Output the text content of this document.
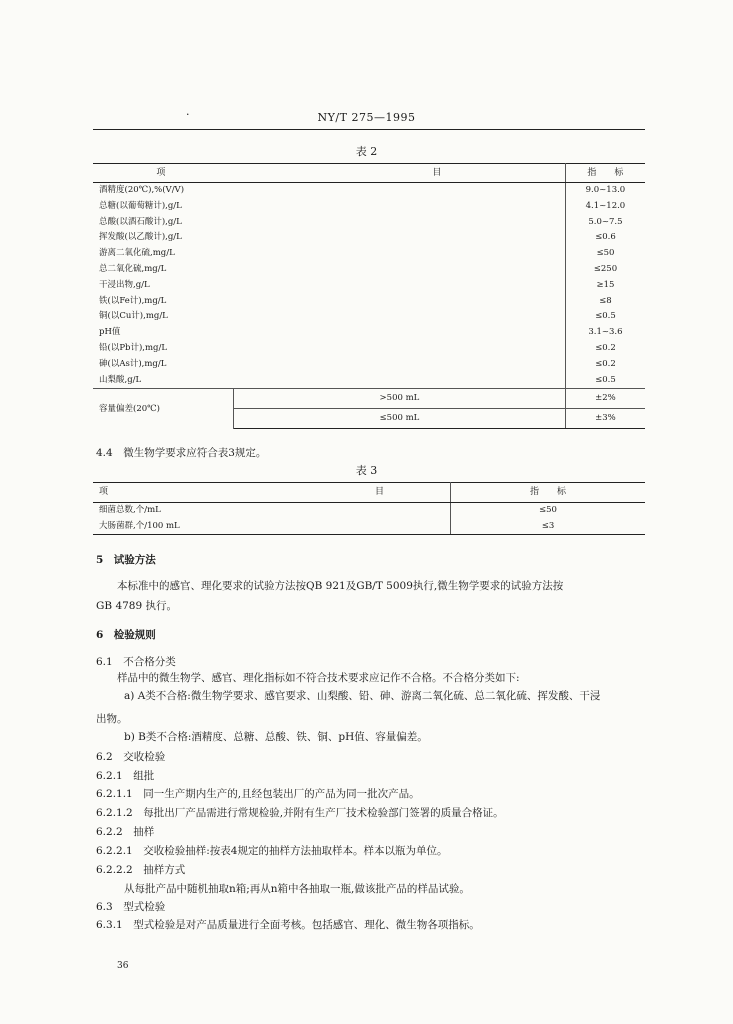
·	NY/T 275—1995
表 2
项　　　目		指　　标
酒精度(20℃),%(V/V)		9.0~13.0
总糖(以葡萄糖计),g/L		4.1~12.0
总酸(以酒石酸计),g/L		5.0~7.5
挥发酸(以乙酸计),g/L		≤0.6
游离二氧化硫,mg/L		≤50
总二氧化硫,mg/L		≤250
干浸出物,g/L		≥15
铁(以Fe计),mg/L		≤8
铜(以Cu计),mg/L		≤0.5
pH值		3.1~3.6
铅(以Pb计),mg/L		≤0.2
砷(以As计),mg/L		≤0.2
山梨酸,g/L		≤0.5
容量偏差(20℃)	>500 mL	±2%
	≤500 mL	±3%
4.4　微生物学要求应符合表3规定。
表 3
项　　　目	指　　标
细菌总数,个/mL	≤50
大肠菌群,个/100 mL	≤3
5　试验方法
本标准中的感官、理化要求的试验方法按QB 921及GB/T 5009执行,微生物学要求的试验方法按
GB 4789 执行。
6　检验规则
6.1　不合格分类
样品中的微生物学、感官、理化指标如不符合技术要求应记作不合格。不合格分类如下:
a) A类不合格:微生物学要求、感官要求、山梨酸、铅、砷、游离二氧化硫、总二氧化硫、挥发酸、干浸
出物。
b) B类不合格:酒精度、总糖、总酸、铁、铜、pH值、容量偏差。
6.2　交收检验
6.2.1　组批
6.2.1.1　同一生产期内生产的,且经包装出厂的产品为同一批次产品。
6.2.1.2　每批出厂产品需进行常规检验,并附有生产厂技术检验部门签署的质量合格证。
6.2.2　抽样
6.2.2.1　交收检验抽样:按表4规定的抽样方法抽取样本。样本以瓶为单位。
6.2.2.2　抽样方式
从每批产品中随机抽取n箱;再从n箱中各抽取一瓶,做该批产品的样品试验。
6.3　型式检验
6.3.1　型式检验是对产品质量进行全面考核。包括感官、理化、微生物各项指标。
36
